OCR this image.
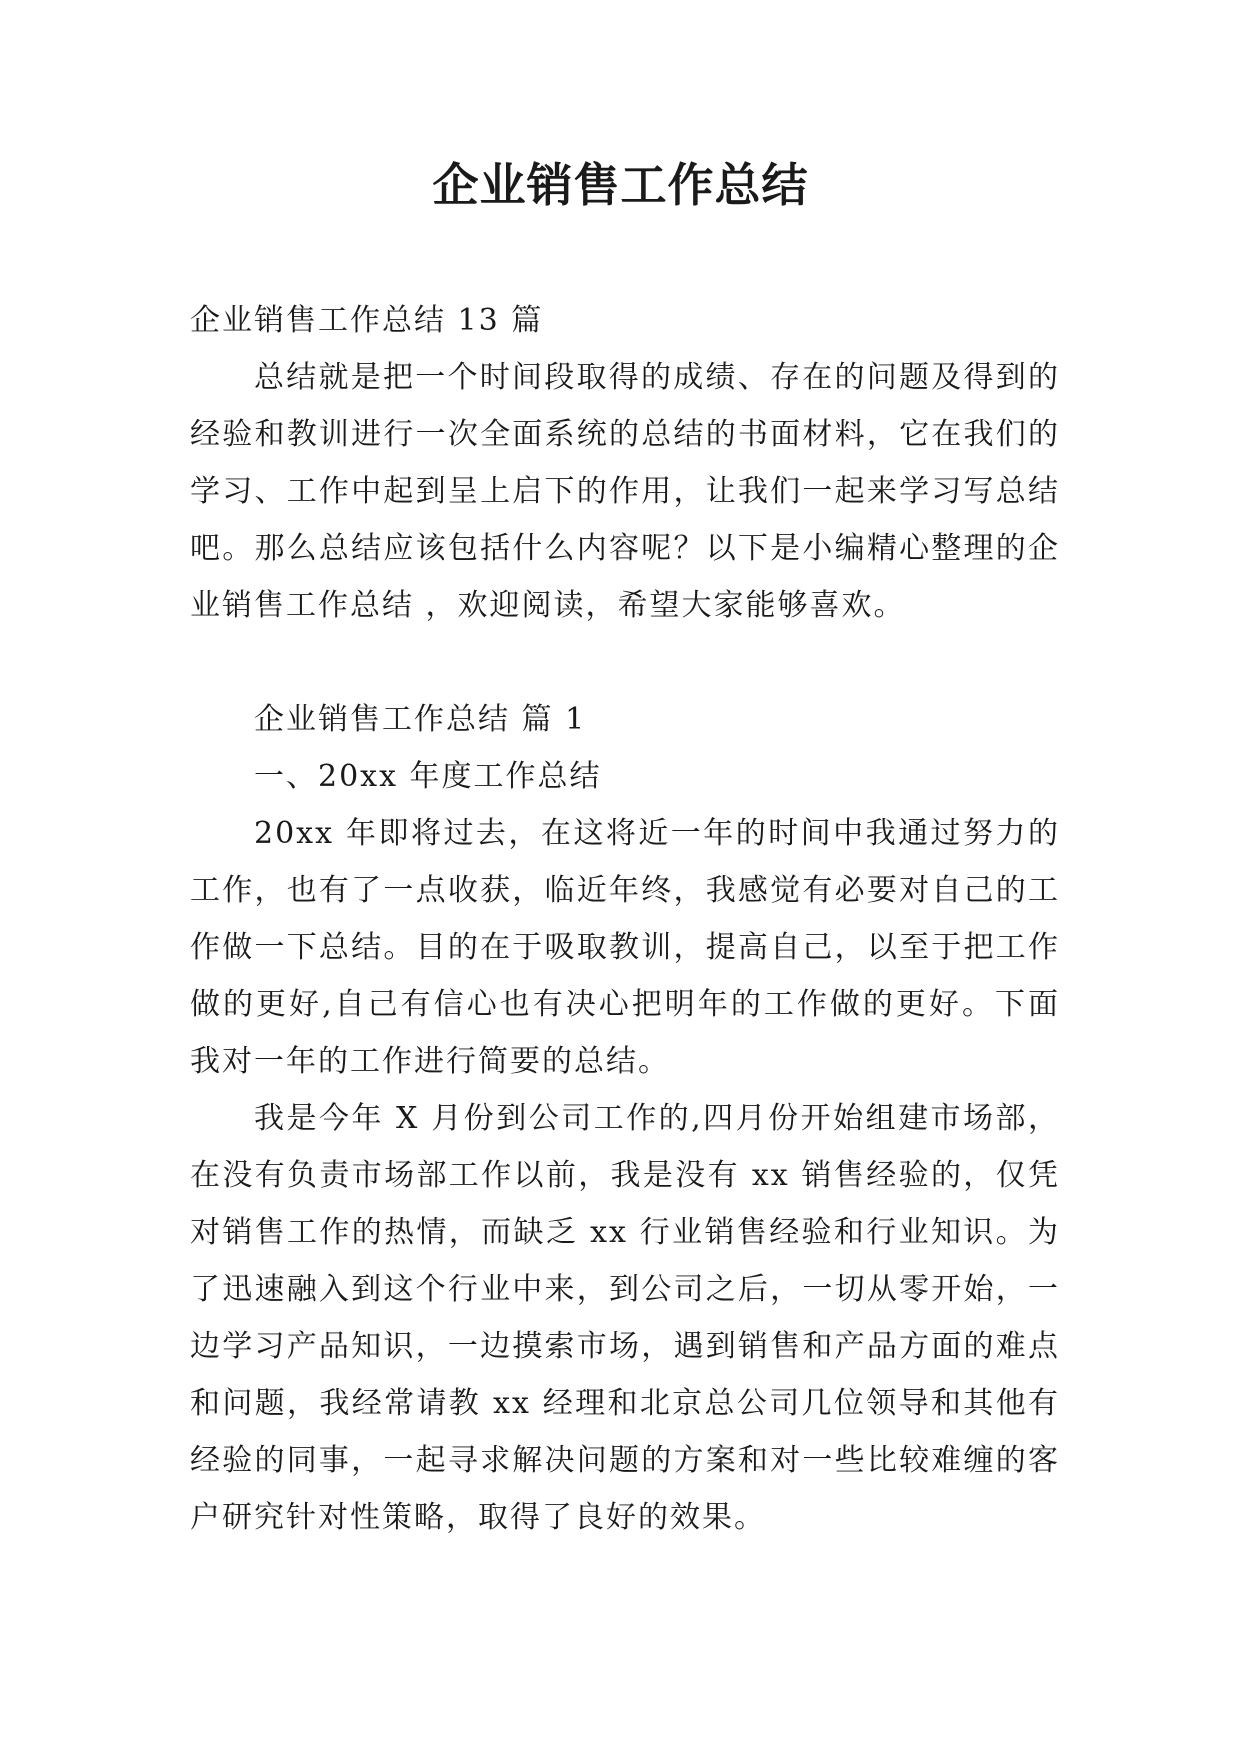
企业销售工作总结

企业销售工作总结 13 篇

总结就是把一个时间段取得的成绩、存在的问题及得到的经验和教训进行一次全面系统的总结的书面材料，它在我们的学习、工作中起到呈上启下的作用，让我们一起来学习写总结吧。那么总结应该包括什么内容呢？以下是小编精心整理的企业销售工作总结 ，欢迎阅读，希望大家能够喜欢。

企业销售工作总结 篇 1

一、20xx 年度工作总结

20xx 年即将过去，在这将近一年的时间中我通过努力的工作，也有了一点收获，临近年终，我感觉有必要对自己的工作做一下总结。目的在于吸取教训，提高自己，以至于把工作做的更好,自己有信心也有决心把明年的工作做的更好。下面我对一年的工作进行简要的总结。

我是今年 X 月份到公司工作的,四月份开始组建市场部，在没有负责市场部工作以前，我是没有 xx 销售经验的，仅凭对销售工作的热情，而缺乏 xx 行业销售经验和行业知识。为了迅速融入到这个行业中来，到公司之后，一切从零开始，一边学习产品知识，一边摸索市场，遇到销售和产品方面的难点和问题，我经常请教 xx 经理和北京总公司几位领导和其他有经验的同事，一起寻求解决问题的方案和对一些比较难缠的客户研究针对性策略，取得了良好的效果。
